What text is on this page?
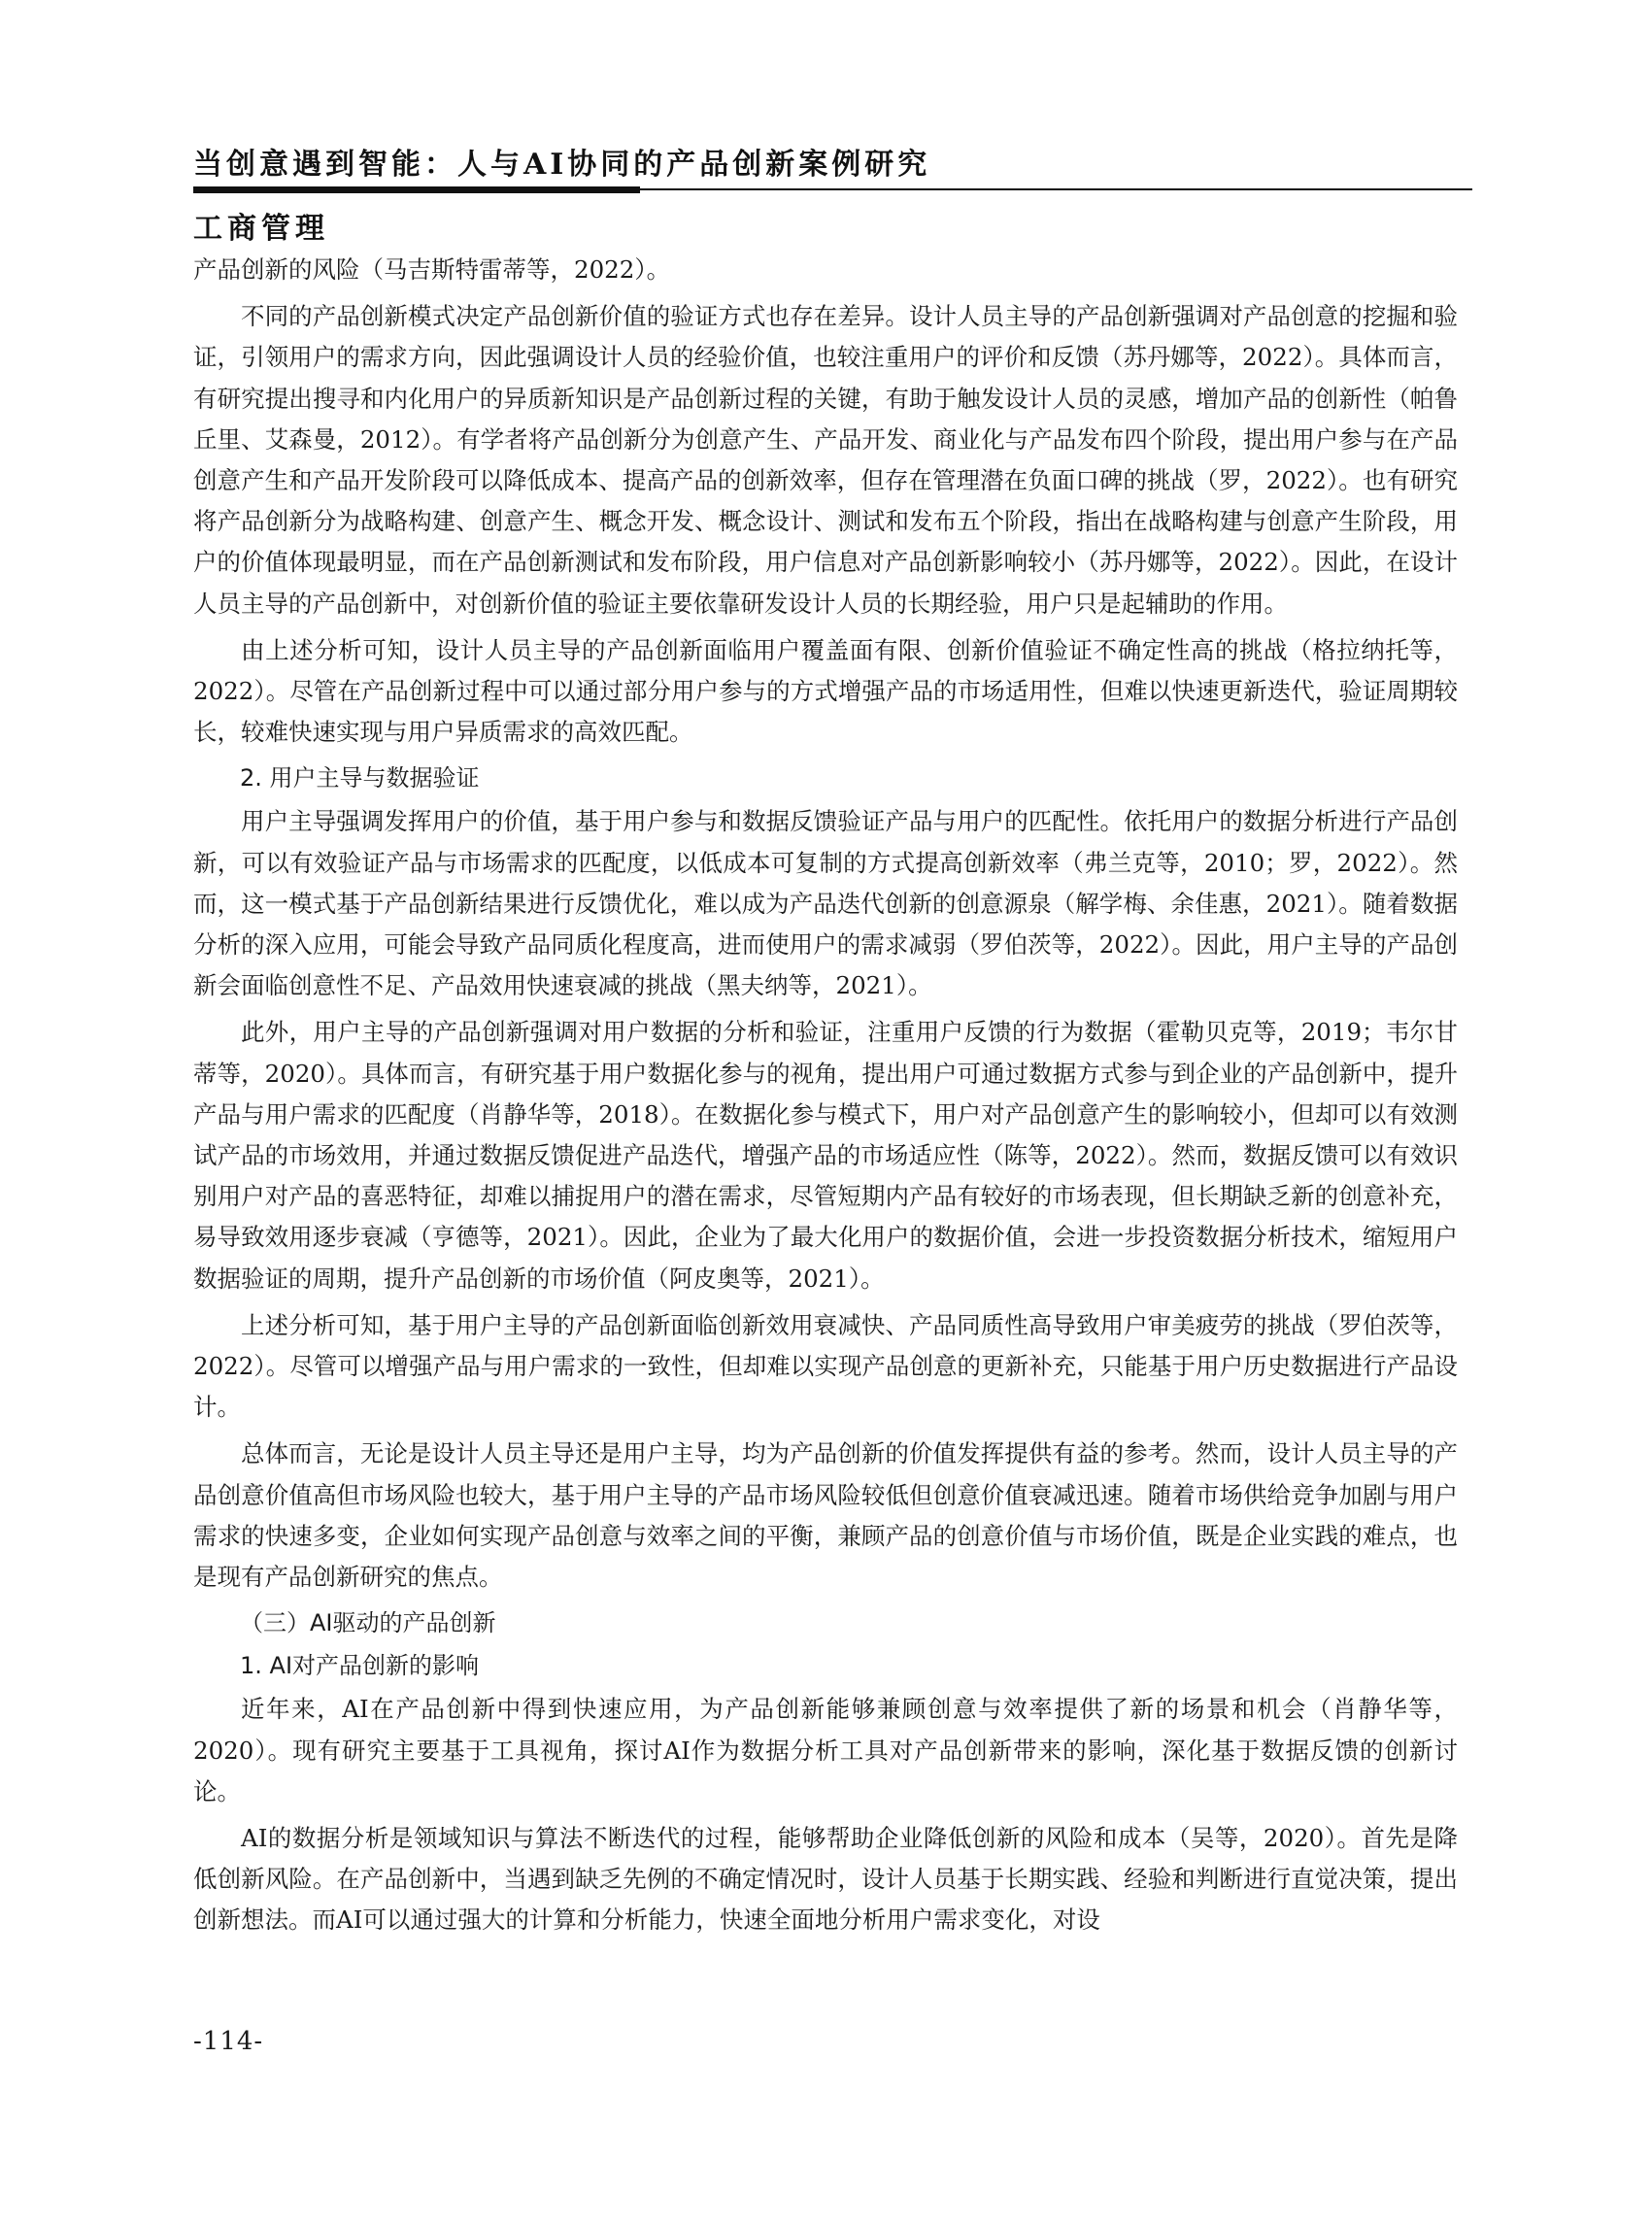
当创意遇到智能：人与AI协同的产品创新案例研究
工商管理

产品创新的风险（马吉斯特雷蒂等，2022）。

不同的产品创新模式决定产品创新价值的验证方式也存在差异。设计人员主导的产品创新强调对产品创意的挖掘和验证，引领用户的需求方向，因此强调设计人员的经验价值，也较注重用户的评价和反馈（苏丹娜等，2022）。具体而言，有研究提出搜寻和内化用户的异质新知识是产品创新过程的关键，有助于触发设计人员的灵感，增加产品的创新性（帕鲁丘里、艾森曼，2012）。有学者将产品创新分为创意产生、产品开发、商业化与产品发布四个阶段，提出用户参与在产品创意产生和产品开发阶段可以降低成本、提高产品的创新效率，但存在管理潜在负面口碑的挑战（罗，2022）。也有研究将产品创新分为战略构建、创意产生、概念开发、概念设计、测试和发布五个阶段，指出在战略构建与创意产生阶段，用户的价值体现最明显，而在产品创新测试和发布阶段，用户信息对产品创新影响较小（苏丹娜等，2022）。因此，在设计人员主导的产品创新中，对创新价值的验证主要依靠研发设计人员的长期经验，用户只是起辅助的作用。

由上述分析可知，设计人员主导的产品创新面临用户覆盖面有限、创新价值验证不确定性高的挑战（格拉纳托等，2022）。尽管在产品创新过程中可以通过部分用户参与的方式增强产品的市场适用性，但难以快速更新迭代，验证周期较长，较难快速实现与用户异质需求的高效匹配。

2. 用户主导与数据验证

用户主导强调发挥用户的价值，基于用户参与和数据反馈验证产品与用户的匹配性。依托用户的数据分析进行产品创新，可以有效验证产品与市场需求的匹配度，以低成本可复制的方式提高创新效率（弗兰克等，2010；罗，2022）。然而，这一模式基于产品创新结果进行反馈优化，难以成为产品迭代创新的创意源泉（解学梅、余佳惠，2021）。随着数据分析的深入应用，可能会导致产品同质化程度高，进而使用户的需求减弱（罗伯茨等，2022）。因此，用户主导的产品创新会面临创意性不足、产品效用快速衰减的挑战（黑夫纳等，2021）。

此外，用户主导的产品创新强调对用户数据的分析和验证，注重用户反馈的行为数据（霍勒贝克等，2019；韦尔甘蒂等，2020）。具体而言，有研究基于用户数据化参与的视角，提出用户可通过数据方式参与到企业的产品创新中，提升产品与用户需求的匹配度（肖静华等，2018）。在数据化参与模式下，用户对产品创意产生的影响较小，但却可以有效测试产品的市场效用，并通过数据反馈促进产品迭代，增强产品的市场适应性（陈等，2022）。然而，数据反馈可以有效识别用户对产品的喜恶特征，却难以捕捉用户的潜在需求，尽管短期内产品有较好的市场表现，但长期缺乏新的创意补充，易导致效用逐步衰减（亨德等，2021）。因此，企业为了最大化用户的数据价值，会进一步投资数据分析技术，缩短用户数据验证的周期，提升产品创新的市场价值（阿皮奥等，2021）。

上述分析可知，基于用户主导的产品创新面临创新效用衰减快、产品同质性高导致用户审美疲劳的挑战（罗伯茨等，2022）。尽管可以增强产品与用户需求的一致性，但却难以实现产品创意的更新补充，只能基于用户历史数据进行产品设计。

总体而言，无论是设计人员主导还是用户主导，均为产品创新的价值发挥提供有益的参考。然而，设计人员主导的产品创意价值高但市场风险也较大，基于用户主导的产品市场风险较低但创意价值衰减迅速。随着市场供给竞争加剧与用户需求的快速多变，企业如何实现产品创意与效率之间的平衡，兼顾产品的创意价值与市场价值，既是企业实践的难点，也是现有产品创新研究的焦点。

（三）AI驱动的产品创新
1. AI对产品创新的影响

近年来，AI在产品创新中得到快速应用，为产品创新能够兼顾创意与效率提供了新的场景和机会（肖静华等，2020）。现有研究主要基于工具视角，探讨AI作为数据分析工具对产品创新带来的影响，深化基于数据反馈的创新讨论。

AI的数据分析是领域知识与算法不断迭代的过程，能够帮助企业降低创新的风险和成本（吴等，2020）。首先是降低创新风险。在产品创新中，当遇到缺乏先例的不确定情况时，设计人员基于长期实践、经验和判断进行直觉决策，提出创新想法。而AI可以通过强大的计算和分析能力，快速全面地分析用户需求变化，对设

-114-
